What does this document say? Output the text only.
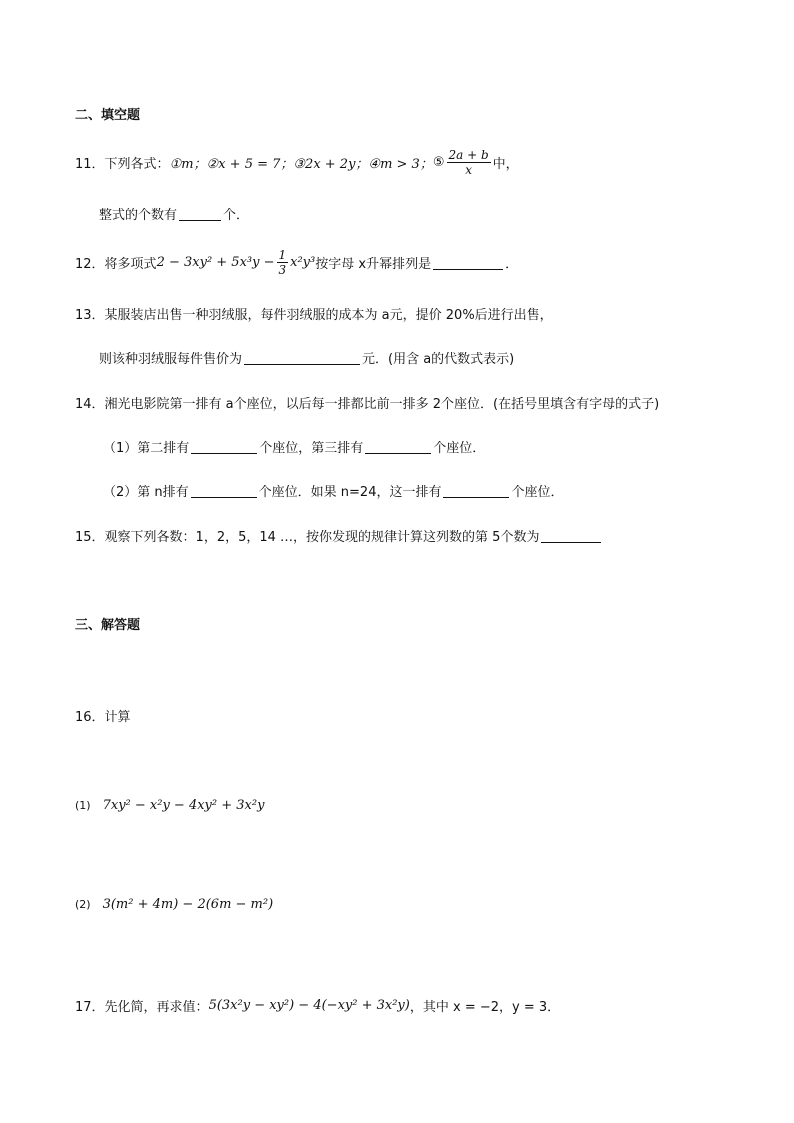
二、填空题
11． 下列各式： ①m； ②x + 5 = 7； ③2x + 2y； ④m > 3； ⑤ $\frac{2a + b}{x}$ 中，
整式的个数有	个．
12． 将多项式 $2 - 3xy^2 + 5x^3y - \frac{1}{3} x^2y^3$ 按字母 x升幂排列是	．
13． 某服装店出售一种羽绒服，每件羽绒服的成本为 a元，提价 20%后进行出售，
则该种羽绒服每件售价为	元．(用含 a的代数式表示)
14． 湘光电影院第一排有 a个座位，以后每一排都比前一排多 2个座位．(在括号里填含有字母的式子)
（1）第二排有	个座位，第三排有	个座位．
（2）第 n排有	个座位．如果 n=24，这一排有	个座位．
15． 观察下列各数：1，2，5，14 …，按你发现的规律计算这列数的第 5个数为
三、解答题
16． 计算
(1) 7xy² − x²y − 4xy² + 3x²y
(2) 3(m² + 4m) − 2(6m − m²)
17． 先化简，再求值： 5(3x²y − xy²) − 4(−xy² + 3x²y) ，其中 x = −2，y = 3．
